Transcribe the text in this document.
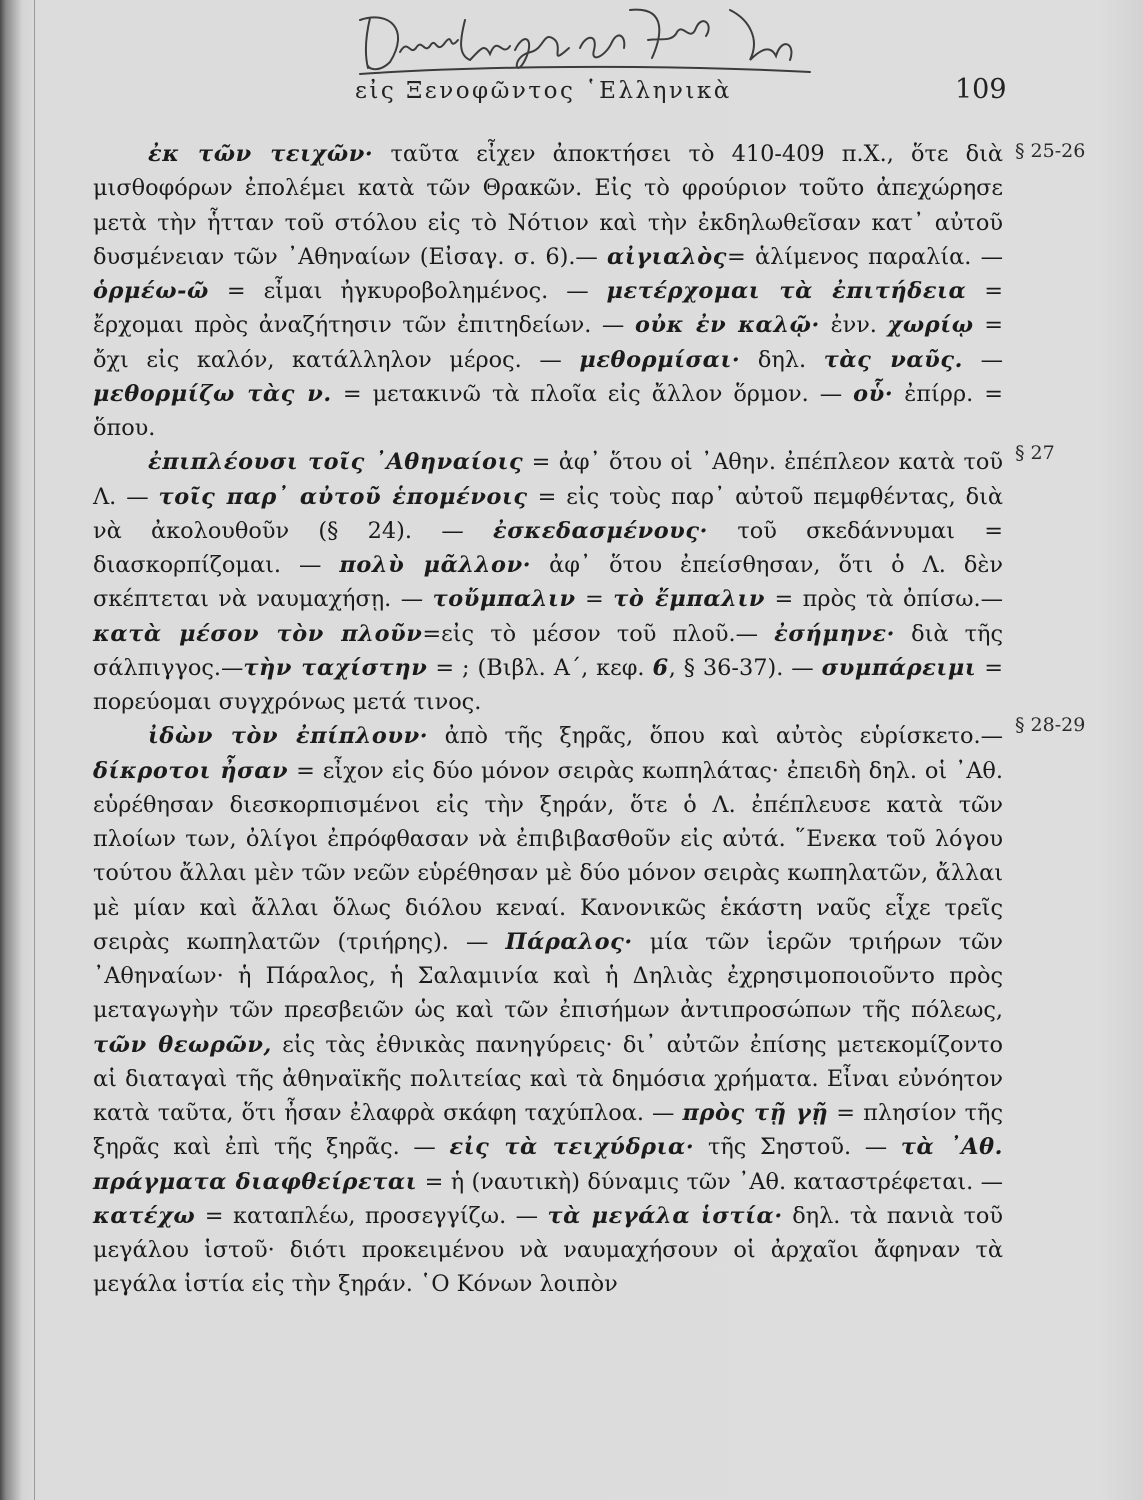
εἰς Ξενοφῶντος ῾Ελληνικὰ	109
§ 25-26
§ 27
§ 28-29

ἐκ τῶν τειχῶν· ταῦτα εἶχεν ἀποκτήσει τὸ 410-409 π.Χ., ὅτε διὰ μισθοφόρων ἐπολέμει κατὰ τῶν Θρακῶν. Εἰς τὸ φρούριον τοῦτο ἀπεχώρησε μετὰ τὴν ἧτταν τοῦ στόλου εἰς τὸ Νότιον καὶ τὴν ἐκδηλωθεῖσαν κατ᾽ αὐτοῦ δυσμένειαν τῶν ᾽Αθηναίων (Εἰσαγ. σ. 6).— αἰγιαλὸς= ἁλίμενος παραλία. — ὁρμέω-ῶ = εἶμαι ἠγκυροβολημένος. — μετέρχομαι τὰ ἐπιτήδεια = ἔρχομαι πρὸς ἀναζήτησιν τῶν ἐπιτηδείων. — οὐκ ἐν καλῷ· ἐνν. χωρίῳ = ὄχι εἰς καλόν, κατάλληλον μέρος. — μεθορμίσαι· δηλ. τὰς ναῦς. — μεθορμίζω τὰς ν. = μετακινῶ τὰ πλοῖα εἰς ἄλλον ὅρμον. — οὗ· ἐπίρρ. = ὅπου.

ἐπιπλέουσι τοῖς ᾽Αθηναίοις = ἀφ᾽ ὅτου οἱ ᾽Αθην. ἐπέπλεον κατὰ τοῦ Λ. — τοῖς παρ᾽ αὐτοῦ ἑπομένοις = εἰς τοὺς παρ᾽ αὐτοῦ πεμφθέντας, διὰ νὰ ἀκολουθοῦν (§ 24). — ἐσκεδασμένους· τοῦ σκεδάννυμαι = διασκορπίζομαι. — πολὺ μᾶλλον· ἀφ᾽ ὅτου ἐπείσθησαν, ὅτι ὁ Λ. δὲν σκέπτεται νὰ ναυμαχήσῃ. — τοὔμπαλιν = τὸ ἔμπαλιν = πρὸς τὰ ὀπίσω.— κατὰ μέσον τὸν πλοῦν=εἰς τὸ μέσον τοῦ πλοῦ.— ἐσήμηνε· διὰ τῆς σάλπιγγος.—τὴν ταχίστην = ; (Βιβλ. Α΄, κεφ. 6, § 36-37). — συμπάρειμι = πορεύομαι συγχρόνως μετά τινος.

ἰδὼν τὸν ἐπίπλουν· ἀπὸ τῆς ξηρᾶς, ὅπου καὶ αὐτὸς εὑρίσκετο.— δίκροτοι ἦσαν = εἶχον εἰς δύο μόνον σειρὰς κωπηλάτας· ἐπειδὴ δηλ. οἱ ᾽Αθ. εὑρέθησαν διεσκορπισμένοι εἰς τὴν ξηράν, ὅτε ὁ Λ. ἐπέπλευσε κατὰ τῶν πλοίων των, ὀλίγοι ἐπρόφθασαν νὰ ἐπιβιβασθοῦν εἰς αὐτά. ῞Ενεκα τοῦ λόγου τούτου ἄλλαι μὲν τῶν νεῶν εὑρέθησαν μὲ δύο μόνον σειρὰς κωπηλατῶν, ἄλλαι μὲ μίαν καὶ ἄλλαι ὅλως διόλου κεναί. Κανονικῶς ἑκάστη ναῦς εἶχε τρεῖς σειρὰς κωπηλατῶν (τριήρης). — Πάραλος· μία τῶν ἱερῶν τριήρων τῶν ᾽Αθηναίων· ἡ Πάραλος, ἡ Σαλαμινία καὶ ἡ Δηλιὰς ἐχρησιμοποιοῦντο πρὸς μεταγωγὴν τῶν πρεσβειῶν ὡς καὶ τῶν ἐπισήμων ἀντιπροσώπων τῆς πόλεως, τῶν θεωρῶν, εἰς τὰς ἐθνικὰς πανηγύρεις· δι᾽ αὐτῶν ἐπίσης μετεκομίζοντο αἱ διαταγαὶ τῆς ἀθηναϊκῆς πολιτείας καὶ τὰ δημόσια χρήματα. Εἶναι εὐνόητον κατὰ ταῦτα, ὅτι ἦσαν ἐλαφρὰ σκάφη ταχύπλοα. — πρὸς τῇ γῇ = πλησίον τῆς ξηρᾶς καὶ ἐπὶ τῆς ξηρᾶς. — εἰς τὰ τειχύδρια· τῆς Σηστοῦ. — τὰ ᾽Αθ. πράγματα διαφθείρεται = ἡ (ναυτικὴ) δύναμις τῶν ᾽Αθ. καταστρέφεται. — κατέχω = καταπλέω, προσεγγίζω. — τὰ μεγάλα ἱστία· δηλ. τὰ πανιὰ τοῦ μεγάλου ἱστοῦ· διότι προκειμένου νὰ ναυμαχήσουν οἱ ἀρχαῖοι ἄφηναν τὰ μεγάλα ἱστία εἰς τὴν ξηράν. ῾Ο Κόνων λοιπὸν
